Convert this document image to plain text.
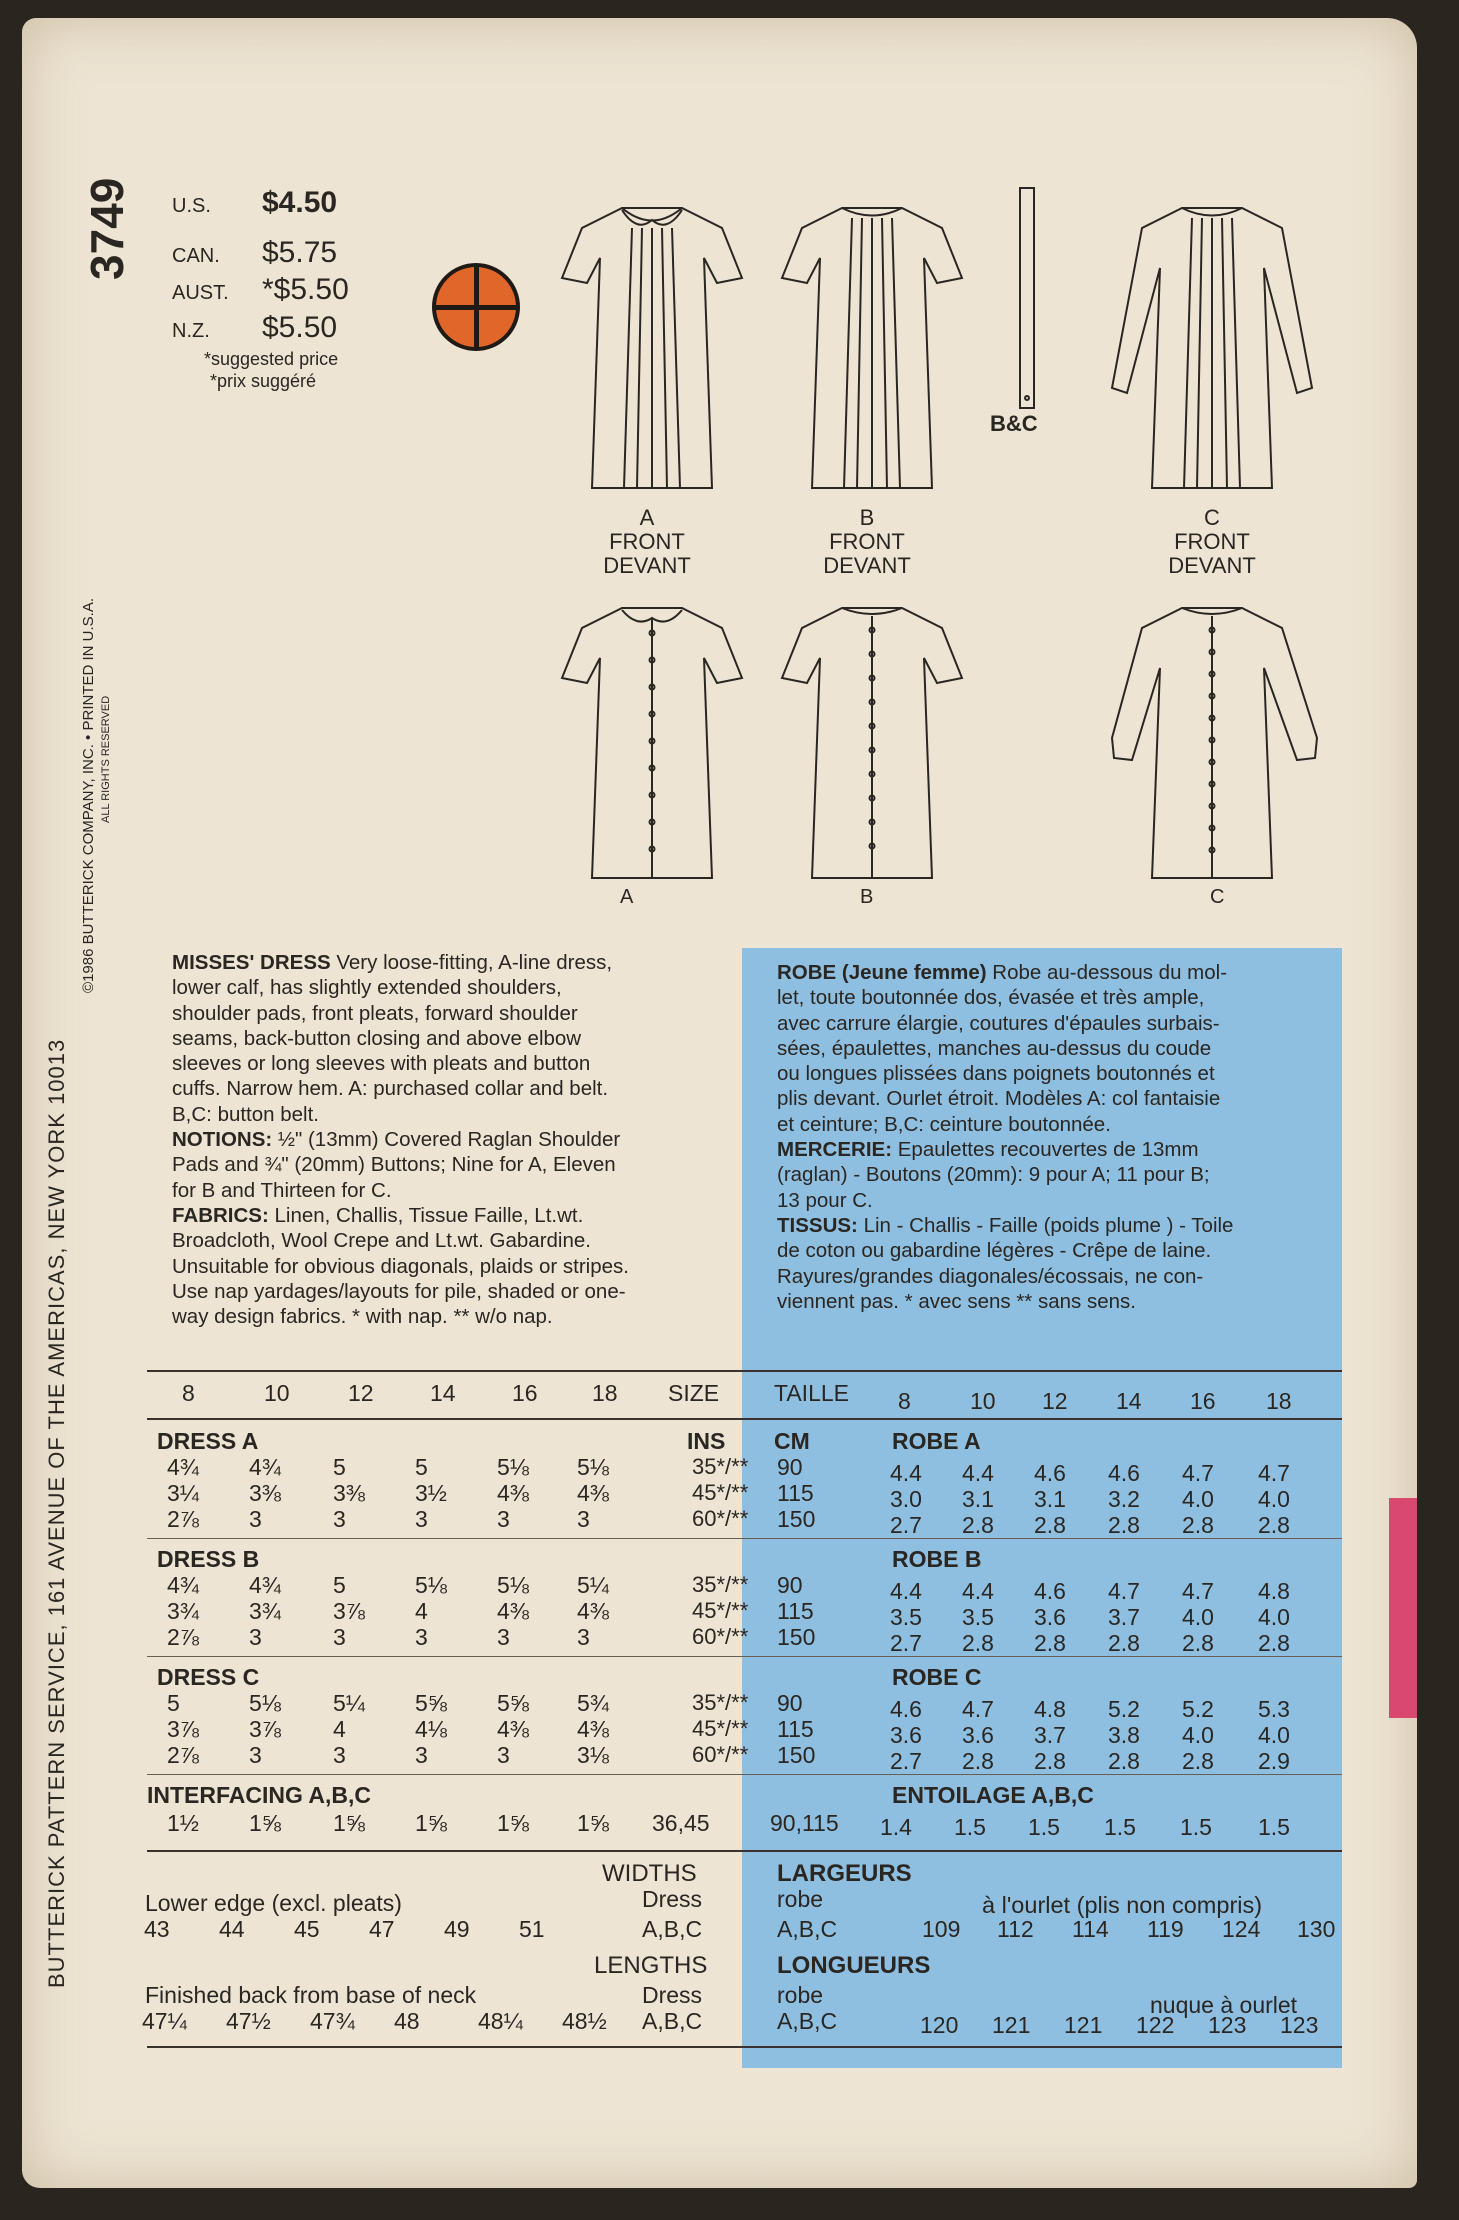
3749
BUTTERICK PATTERN SERVICE, 161 AVENUE OF THE AMERICAS, NEW YORK 10013
©1986 BUTTERICK COMPANY, INC. • PRINTED IN U.S.A. ALL RIGHTS RESERVED
U.S. $4.50
CAN. $5.75
AUST. *$5.50
N.Z. $5.50
*suggested price
*prix suggéré
A
FRONT
DEVANT
B
FRONT
DEVANT
B&C
C
FRONT
DEVANT
A	B	C
MISSES' DRESS Very loose-fitting, A-line dress,
lower calf, has slightly extended shoulders,
shoulder pads, front pleats, forward shoulder
seams, back-button closing and above elbow
sleeves or long sleeves with pleats and button
cuffs. Narrow hem. A: purchased collar and belt.
B,C: button belt.
NOTIONS: ½" (13mm) Covered Raglan Shoulder
Pads and ¾" (20mm) Buttons; Nine for A, Eleven
for B and Thirteen for C.
FABRICS: Linen, Challis, Tissue Faille, Lt.wt.
Broadcloth, Wool Crepe and Lt.wt. Gabardine.
Unsuitable for obvious diagonals, plaids or stripes.
Use nap yardages/layouts for pile, shaded or one-
way design fabrics. * with nap. ** w/o nap.
ROBE (Jeune femme) Robe au-dessous du mol-
let, toute boutonnée dos, évasée et très ample,
avec carrure élargie, coutures d'épaules surbais-
sées, épaulettes, manches au-dessus du coude
ou longues plissées dans poignets boutonnés et
plis devant. Ourlet étroit. Modèles A: col fantaisie
et ceinture; B,C: ceinture boutonnée.
MERCERIE: Epaulettes recouvertes de 13mm
(raglan) - Boutons (20mm): 9 pour A; 11 pour B;
13 pour C.
TISSUS: Lin - Challis - Faille (poids plume ) - Toile
de coton ou gabardine légères - Crêpe de laine.
Rayures/grandes diagonales/écossais, ne con-
viennent pas. * avec sens ** sans sens.
8	10	12 14 16 18 SIZE TAILLE 8	10 12 14 16 18
DRESS A	ROBE A
INS CM
4¾ 4¾ 5	5	5⅛ 5⅛	35*/** 90	4.4 4.4 4.6 4.6 4.7 4.7
3¼ 3⅜ 3⅜ 3½ 4⅜ 4⅜	45*/** 115	3.0 3.1 3.1 3.2 4.0 4.0
2⅞ 3	3	3	3	3	60*/** 150	2.7 2.8 2.8 2.8 2.8 2.8
DRESS B	ROBE B
4¾ 4¾ 5	5⅛ 5⅛ 5¼	35*/** 90	4.4 4.4 4.6 4.7 4.7 4.8
3¾ 3¾ 3⅞ 4	4⅜ 4⅜	45*/** 115	3.5 3.5 3.6 3.7 4.0 4.0
2⅞ 3	3	3	3	3	60*/** 150	2.7 2.8 2.8 2.8 2.8 2.8
DRESS C	ROBE C
5	5⅛ 5¼ 5⅝ 5⅝ 5¾	35*/** 90	4.6 4.7 4.8 5.2 5.2 5.3
3⅞ 3⅞ 4	4⅛ 4⅜ 4⅜	45*/** 115	3.6 3.6 3.7 3.8 4.0 4.0
2⅞ 3	3	3	3	3⅛	60*/** 150	2.7 2.8 2.8 2.8 2.8 2.9
INTERFACING A,B,C	ENTOILAGE A,B,C
1½ 1⅝ 1⅝ 1⅝ 1⅝ 1⅝ 36,45	90,115 1.4 1.5 1.5 1.5 1.5 1.5
WIDTHS	LARGEURS
Lower edge (excl. pleats)	Dress	robe	à l'ourlet (plis non compris)
43 44 45 47 49 51	A,B,C	A,B,C	109 112 114 119 124 130
LENGTHS	LONGUEURS
Finished back from base of neck	Dress	robe	nuque à ourlet
47¼ 47½ 47¾ 48	48¼ 48½ A,B,C	A,B,C	120 121 121 122 123 123
